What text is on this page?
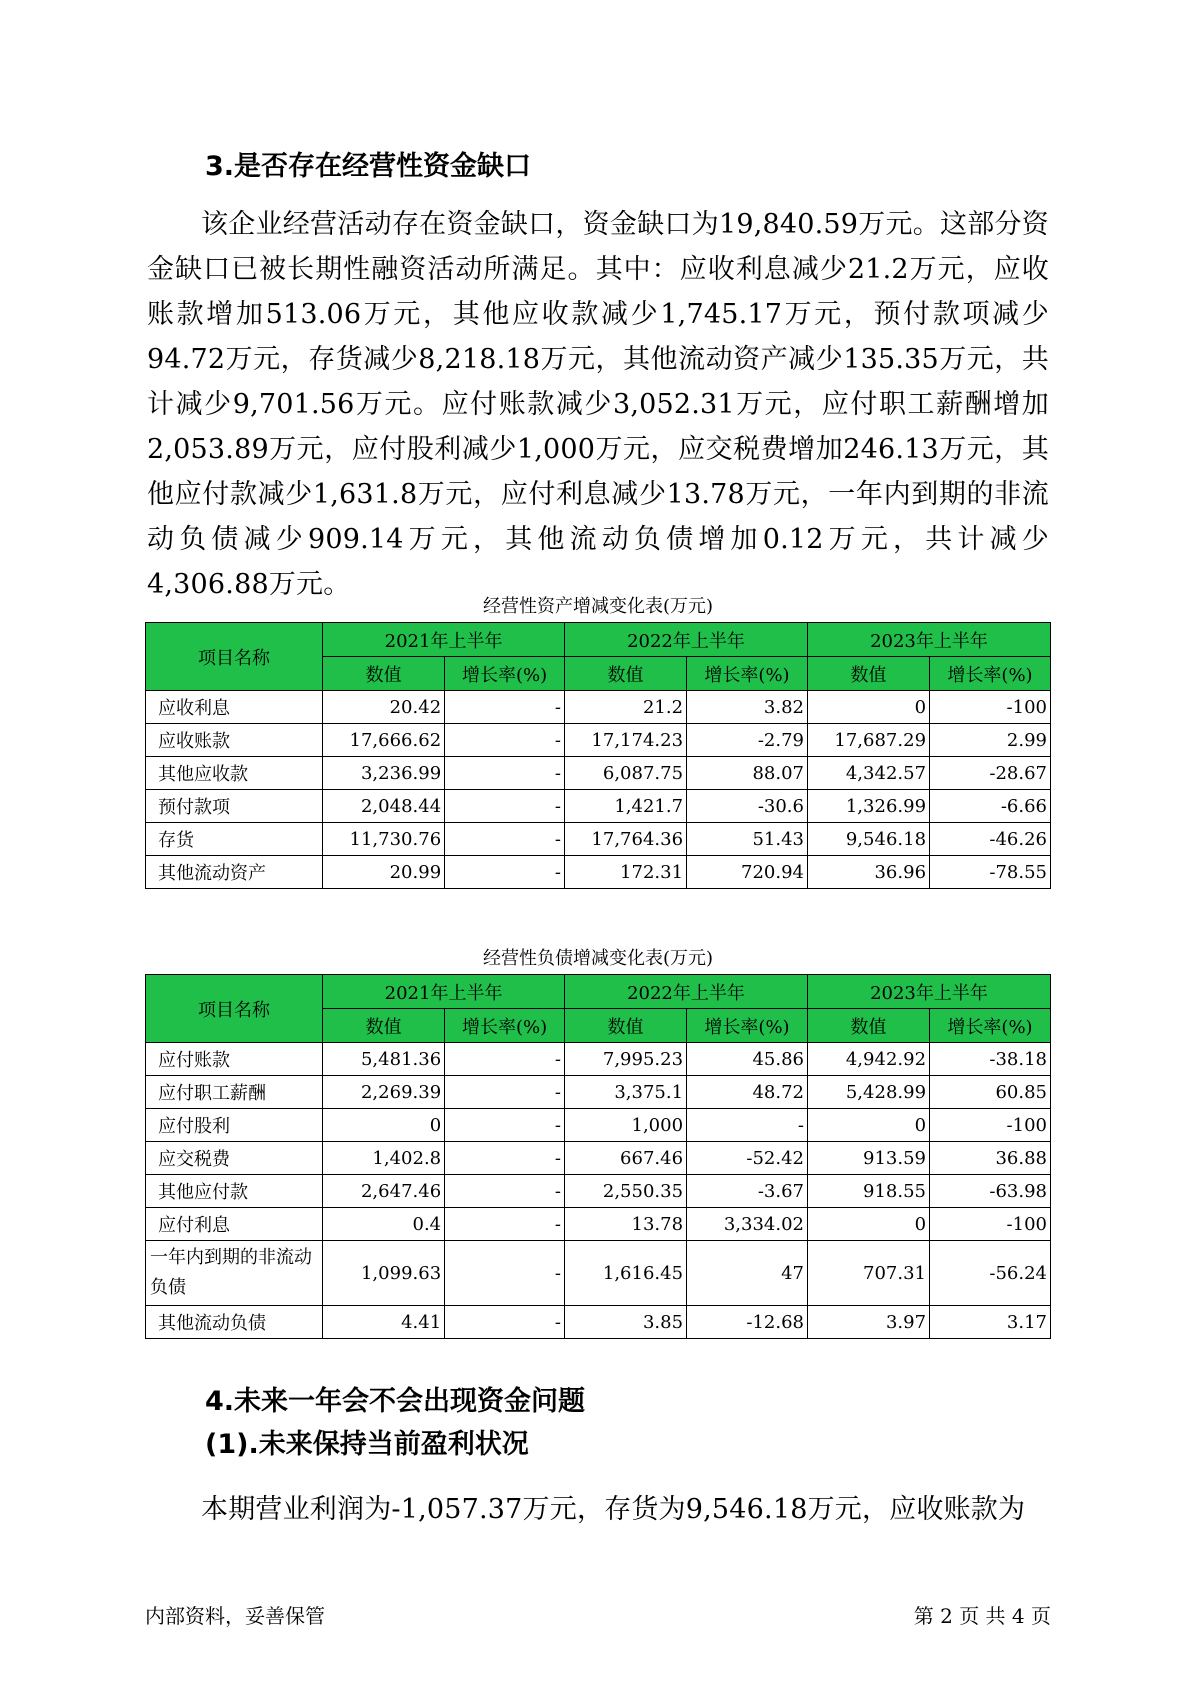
3.是否存在经营性资金缺口

该企业经营活动存在资金缺口，资金缺口为19,840.59万元。这部分资金缺口已被长期性融资活动所满足。其中：应收利息减少21.2万元，应收账款增加513.06万元，其他应收款减少1,745.17万元，预付款项减少94.72万元，存货减少8,218.18万元，其他流动资产减少135.35万元，共计减少9,701.56万元。应付账款减少3,052.31万元，应付职工薪酬增加2,053.89万元，应付股利减少1,000万元，应交税费增加246.13万元，其他应付款减少1,631.8万元，应付利息减少13.78万元，一年内到期的非流动负债减少909.14万元，其他流动负债增加0.12万元，共计减少4,306.88万元。

经营性资产增减变化表(万元)
项目名称	2021年上半年		2022年上半年		2023年上半年	
	数值	增长率(%)	数值	增长率(%)	数值	增长率(%)
应收利息	20.42	-	21.2	3.82	0	-100
应收账款	17,666.62	-	17,174.23	-2.79	17,687.29	2.99
其他应收款	3,236.99	-	6,087.75	88.07	4,342.57	-28.67
预付款项	2,048.44	-	1,421.7	-30.6	1,326.99	-6.66
存货	11,730.76	-	17,764.36	51.43	9,546.18	-46.26
其他流动资产	20.99	-	172.31	720.94	36.96	-78.55
经营性负债增减变化表(万元)
项目名称	2021年上半年		2022年上半年		2023年上半年	
	数值	增长率(%)	数值	增长率(%)	数值	增长率(%)
应付账款	5,481.36	-	7,995.23	45.86	4,942.92	-38.18
应付职工薪酬	2,269.39	-	3,375.1	48.72	5,428.99	60.85
应付股利	0	-	1,000	-	0	-100
应交税费	1,402.8	-	667.46	-52.42	913.59	36.88
其他应付款	2,647.46	-	2,550.35	-3.67	918.55	-63.98
应付利息	0.4	-	13.78	3,334.02	0	-100
一年内到期的非流动负债	1,099.63	-	1,616.45	47	707.31	-56.24
其他流动负债	4.41	-	3.85	-12.68	3.97	3.17
4.未来一年会不会出现资金问题
(1).未来保持当前盈利状况

本期营业利润为-1,057.37万元，存货为9,546.18万元，应收账款为

内部资料，妥善保管	第 2 页 共 4 页
